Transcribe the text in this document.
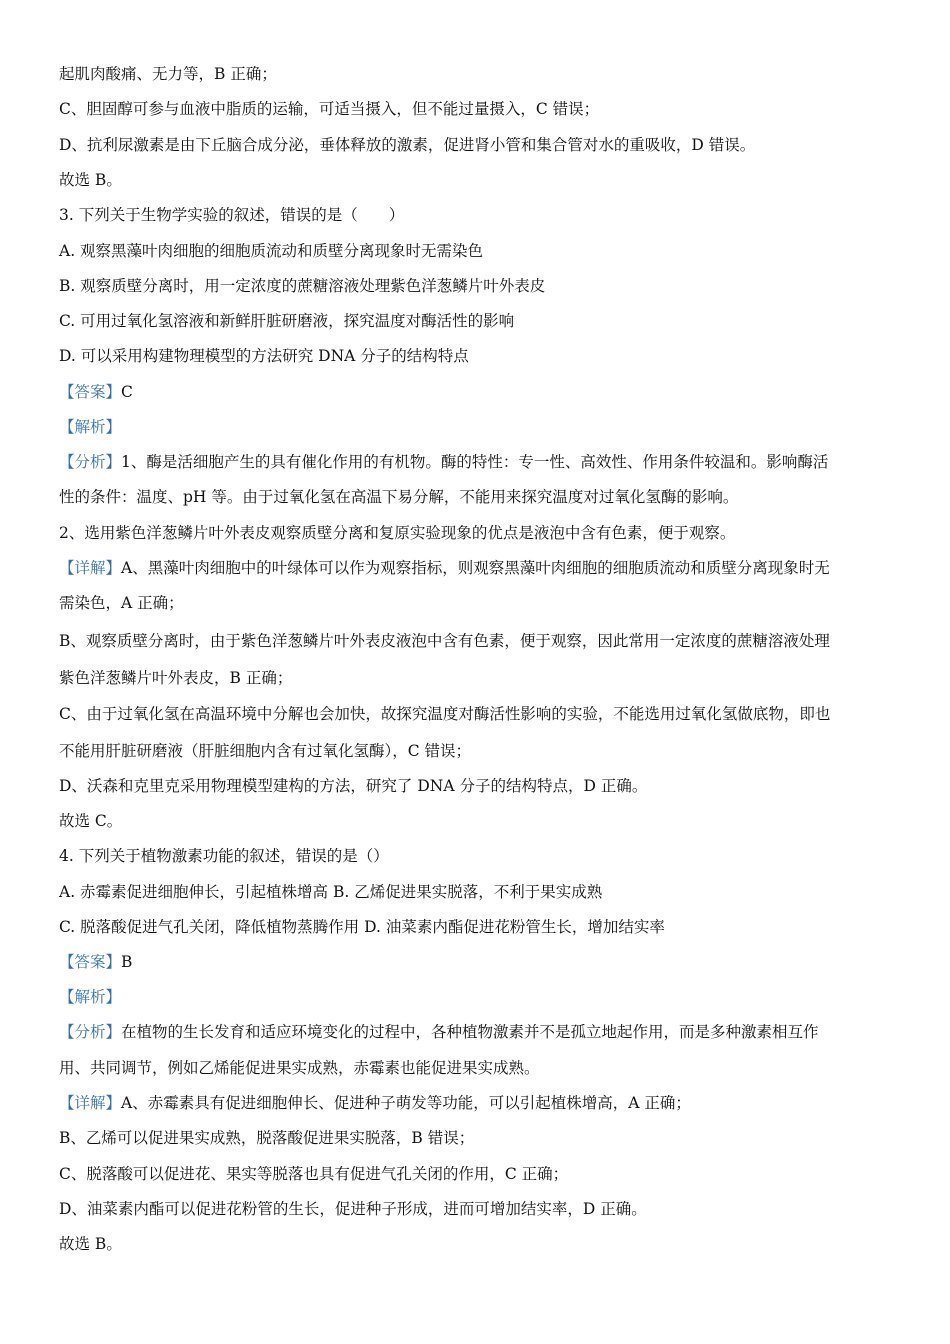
起肌肉酸痛、无力等，B 正确；
C、胆固醇可参与血液中脂质的运输，可适当摄入，但不能过量摄入，C 错误；
D、抗利尿激素是由下丘脑合成分泌，垂体释放的激素，促进肾小管和集合管对水的重吸收，D 错误。
故选 B。
3. 下列关于生物学实验的叙述，错误的是（　　）
A. 观察黑藻叶肉细胞的细胞质流动和质壁分离现象时无需染色
B. 观察质壁分离时，用一定浓度的蔗糖溶液处理紫色洋葱鳞片叶外表皮
C. 可用过氧化氢溶液和新鲜肝脏研磨液，探究温度对酶活性的影响
D. 可以采用构建物理模型的方法研究 DNA 分子的结构特点
【答案】C
【解析】
【分析】1、酶是活细胞产生的具有催化作用的有机物。酶的特性：专一性、高效性、作用条件较温和。影响酶活
性的条件：温度、pH 等。由于过氧化氢在高温下易分解，不能用来探究温度对过氧化氢酶的影响。
2、选用紫色洋葱鳞片叶外表皮观察质壁分离和复原实验现象的优点是液泡中含有色素，便于观察。
【详解】A、黑藻叶肉细胞中的叶绿体可以作为观察指标，则观察黑藻叶肉细胞的细胞质流动和质壁分离现象时无
需染色，A 正确；
B、观察质壁分离时，由于紫色洋葱鳞片叶外表皮液泡中含有色素，便于观察，因此常用一定浓度的蔗糖溶液处理
紫色洋葱鳞片叶外表皮，B 正确；
C、由于过氧化氢在高温环境中分解也会加快，故探究温度对酶活性影响的实验，不能选用过氧化氢做底物，即也
不能用肝脏研磨液（肝脏细胞内含有过氧化氢酶），C 错误；
D、沃森和克里克采用物理模型建构的方法，研究了 DNA 分子的结构特点，D 正确。
故选 C。
4. 下列关于植物激素功能的叙述，错误的是（）
A. 赤霉素促进细胞伸长，引起植株增高 B. 乙烯促进果实脱落，不利于果实成熟
C. 脱落酸促进气孔关闭，降低植物蒸腾作用 D. 油菜素内酯促进花粉管生长，增加结实率
【答案】B
【解析】
【分析】在植物的生长发育和适应环境变化的过程中，各种植物激素并不是孤立地起作用，而是多种激素相互作
用、共同调节，例如乙烯能促进果实成熟，赤霉素也能促进果实成熟。
【详解】A、赤霉素具有促进细胞伸长、促进种子萌发等功能，可以引起植株增高，A 正确；
B、乙烯可以促进果实成熟，脱落酸促进果实脱落，B 错误；
C、脱落酸可以促进花、果实等脱落也具有促进气孔关闭的作用，C 正确；
D、油菜素内酯可以促进花粉管的生长，促进种子形成，进而可增加结实率，D 正确。
故选 B。
